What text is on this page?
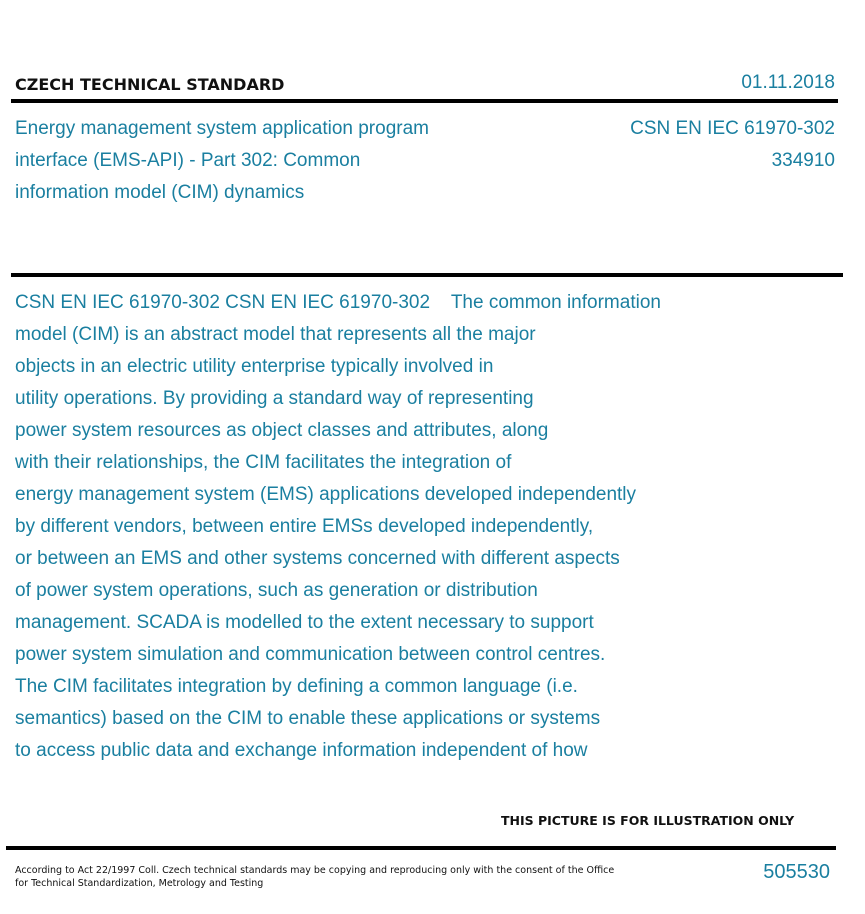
CZECH TECHNICAL STANDARD	01.11.2018
Energy management system application program
interface (EMS-API) - Part 302: Common
information model (CIM) dynamics
CSN EN IEC 61970-302
334910
CSN EN IEC 61970-302 CSN EN IEC 61970-302    The common information
model (CIM) is an abstract model that represents all the major
objects in an electric utility enterprise typically involved in
utility operations. By providing a standard way of representing
power system resources as object classes and attributes, along
with their relationships, the CIM facilitates the integration of
energy management system (EMS) applications developed independently
by different vendors, between entire EMSs developed independently,
or between an EMS and other systems concerned with different aspects
of power system operations, such as generation or distribution
management. SCADA is modelled to the extent necessary to support
power system simulation and communication between control centres.
The CIM facilitates integration by defining a common language (i.e.
semantics) based on the CIM to enable these applications or systems
to access public data and exchange information independent of how
THIS PICTURE IS FOR ILLUSTRATION ONLY
According to Act 22/1997 Coll. Czech technical standards may be copying and reproducing only with the consent of the Office
for Technical Standardization, Metrology and Testing
505530
